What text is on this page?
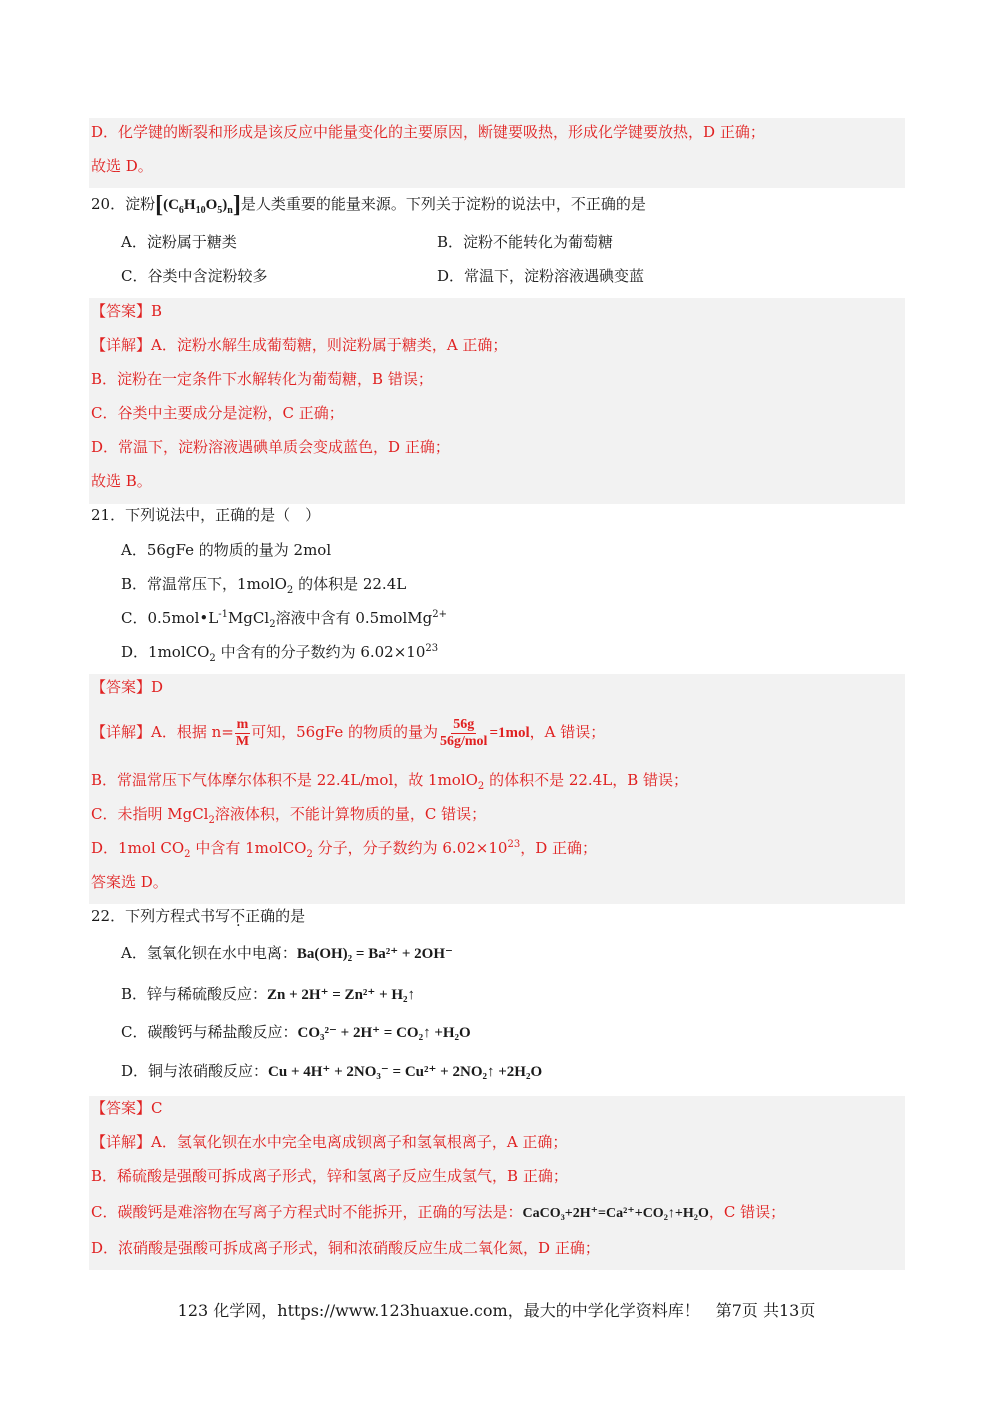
D．化学键的断裂和形成是该反应中能量变化的主要原因，断键要吸热，形成化学键要放热，D 正确；
故选 D。
20．淀粉$[(C_6H_{10}O_5)_n]$是人类重要的能量来源。下列关于淀粉的说法中，不正确的是
A．淀粉属于糖类	B．淀粉不能转化为葡萄糖
C．谷类中含淀粉较多	D．常温下，淀粉溶液遇碘变蓝
【答案】B
【详解】A．淀粉水解生成葡萄糖，则淀粉属于糖类，A 正确；
B．淀粉在一定条件下水解转化为葡萄糖，B 错误；
C．谷类中主要成分是淀粉，C 正确；
D．常温下，淀粉溶液遇碘单质会变成蓝色，D 正确；
故选 B。
21．下列说法中，正确的是（　）
A．56gFe 的物质的量为 2mol
B．常温常压下，1molO$_2$ 的体积是 22.4L
C．$0.5mol•L^{-1}MgCl_2$溶液中含有 0.5molMg$^{2+}$
D．1molCO$_2$ 中含有的分子数约为 $6.02\times 10^{23}$
【答案】D
【详解】A．根据 $n= \frac{m}{M}$ 可知，56gFe 的物质的量为 $\frac{56g}{\text{56g/mol}} =1mol$，A 错误；
B．常温常压下气体摩尔体积不是 22.4L/mol，故 1molO$_2$ 的体积不是 22.4L，B 错误；
C．未指明 MgCl$_2$溶液体积，不能计算物质的量，C 错误；
D．1mol $CO_2$ 中含有 1molCO$_2$ 分子，分子数约为 $6.02\times 10^{23}$，D 正确；
答案选 D。
22．下列方程式书写不正确的是
A．氢氧化钡在水中电离：Ba(OH)₂ = Ba²⁺ + 2OH⁻
B．锌与稀硫酸反应：Zn + 2H⁺ = Zn²⁺ + H₂↑
C．碳酸钙与稀盐酸反应：CO₃²⁻ + 2H⁺ = CO₂↑ +H₂O
D．铜与浓硝酸反应：Cu + 4H⁺ + 2NO₃⁻ = Cu²⁺ + 2NO₂↑ +2H₂O
【答案】C
【详解】A．氢氧化钡在水中完全电离成钡离子和氢氧根离子，A 正确；
B．稀硫酸是强酸可拆成离子形式，锌和氢离子反应生成氢气，B 正确；
C．碳酸钙是难溶物在写离子方程式时不能拆开，正确的写法是：CaCO₃+2H⁺=Ca²⁺+CO₂↑+H₂O，C 错误；
D．浓硝酸是强酸可拆成离子形式，铜和浓硝酸反应生成二氧化氮，D 正确；
123 化学网，https://www.123huaxue.com，最大的中学化学资料库！　第7页 共13页
